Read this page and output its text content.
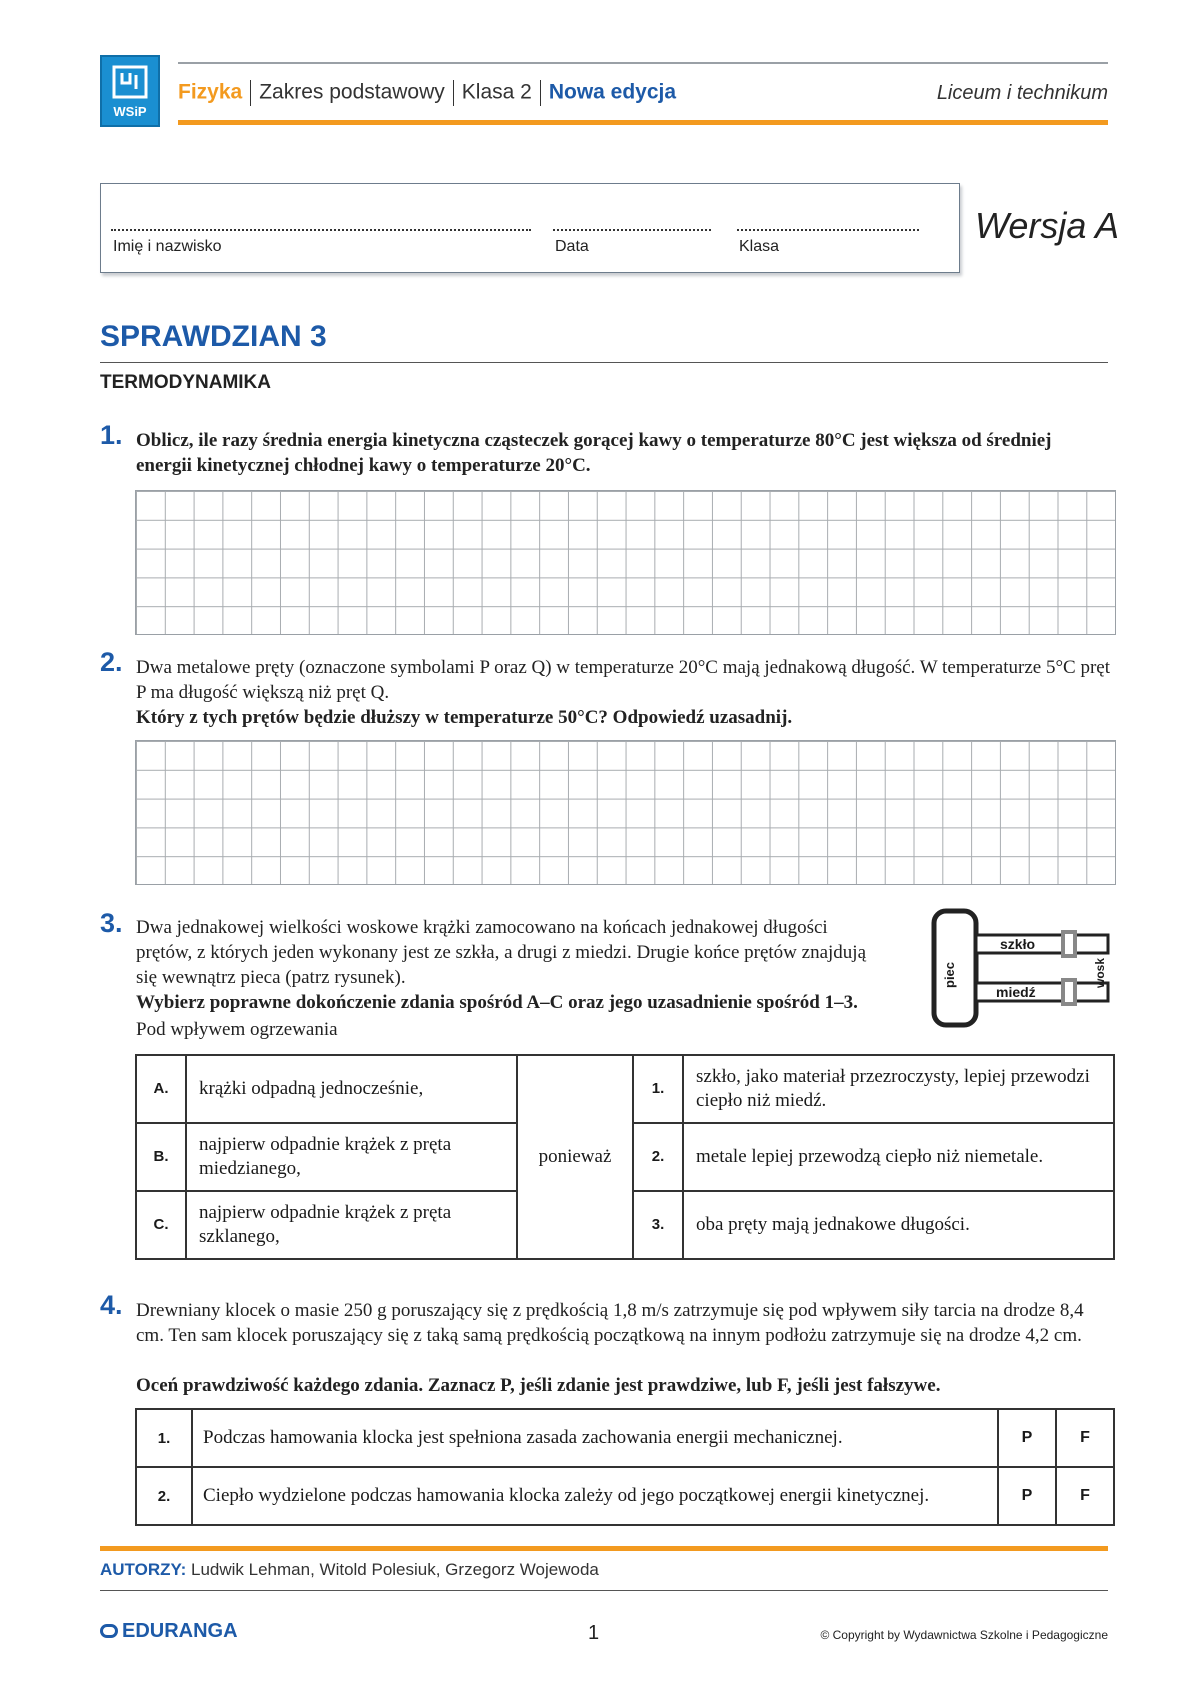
WSiP
Fizyka Zakres podstawowy Klasa 2 Nowa edycja	Liceum i technikum
Imię i nazwisko	Data	Klasa
Wersja A
SPRAWDZIAN 3
TERMODYNAMIKA
1. Oblicz, ile razy średnia energia kinetyczna cząsteczek gorącej kawy o temperaturze 80°C jest większa od średniej energii kinetycznej chłodnej kawy o temperaturze 20°C.
2. Dwa metalowe pręty (oznaczone symbolami P oraz Q) w temperaturze 20°C mają jednakową długość. W temperaturze 5°C pręt P ma długość większą niż pręt Q.
Który z tych prętów będzie dłuższy w temperaturze 50°C? Odpowiedź uzasadnij.
3. Dwa jednakowej wielkości woskowe krążki zamocowano na końcach jednakowej długości prętów, z których jeden wykonany jest ze szkła, a drugi z miedzi. Drugie końce prętów znajdują się wewnątrz pieca (patrz rysunek).
Wybierz poprawne dokończenie zdania spośród A–C oraz jego uzasadnienie spośród 1–3.
Pod wpływem ogrzewania
piec
szkło
miedź
wosk
A.	krążki odpadną jednocześnie,	ponieważ	1.	szkło, jako materiał przezroczysty, lepiej przewodzi ciepło niż miedź.
B.	najpierw odpadnie krążek z pręta miedzianego,		2.	metale lepiej przewodzą ciepło niż niemetale.
C.	najpierw odpadnie krążek z pręta szklanego,		3.	oba pręty mają jednakowe długości.
4. Drewniany klocek o masie 250 g poruszający się z prędkością 1,8 m/s zatrzymuje się pod wpływem siły tarcia na drodze 8,4 cm. Ten sam klocek poruszający się z taką samą prędkością początkową na innym podłożu zatrzymuje się na drodze 4,2 cm.
Oceń prawdziwość każdego zdania. Zaznacz P, jeśli zdanie jest prawdziwe, lub F, jeśli jest fałszywe.
1.	Podczas hamowania klocka jest spełniona zasada zachowania energii mechanicznej.	P	F
2.	Ciepło wydzielone podczas hamowania klocka zależy od jego początkowej energii kinetycznej.	P	F
AUTORZY: Ludwik Lehman, Witold Polesiuk, Grzegorz Wojewoda
EDURANGA	1	© Copyright by Wydawnictwa Szkolne i Pedagogiczne
